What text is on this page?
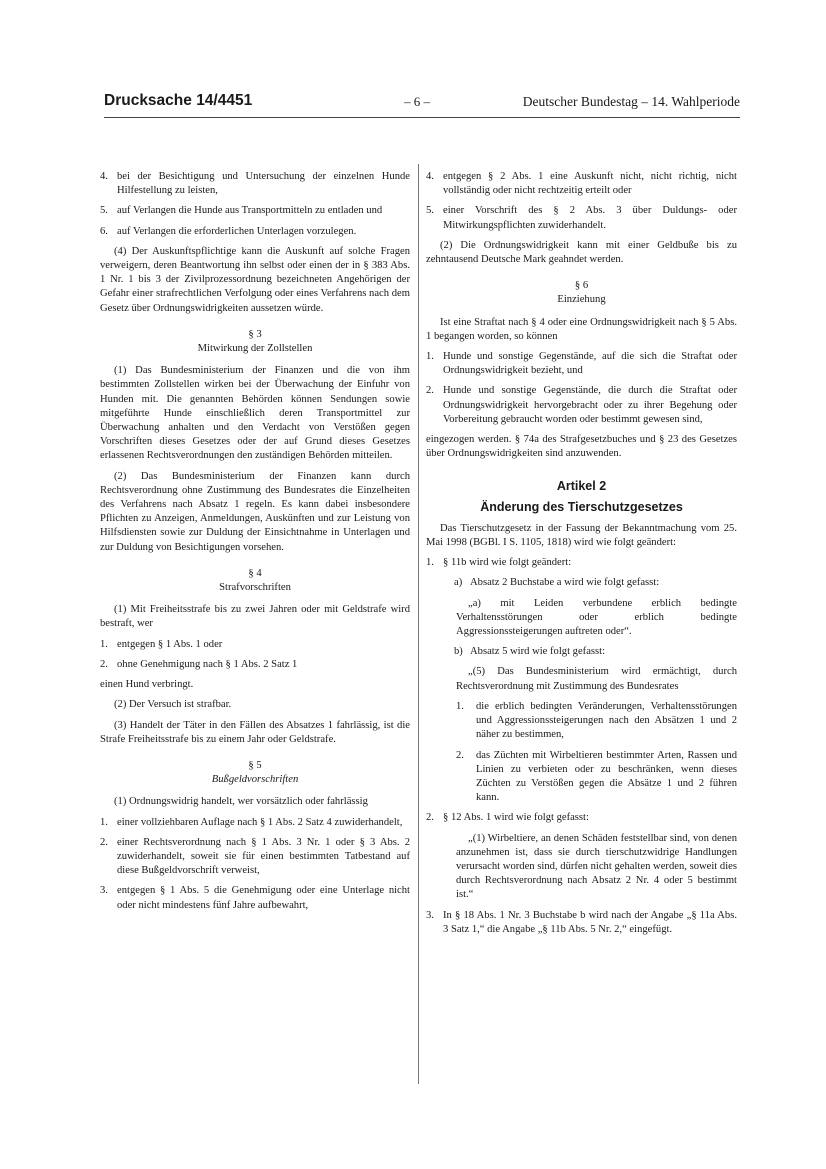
Drucksache 14/4451	– 6 –	Deutscher Bundestag – 14. Wahlperiode
4. bei der Besichtigung und Untersuchung der einzelnen Hunde Hilfestellung zu leisten,
5. auf Verlangen die Hunde aus Transportmitteln zu entladen und
6. auf Verlangen die erforderlichen Unterlagen vorzulegen.

(4) Der Auskunftspflichtige kann die Auskunft auf solche Fragen verweigern, deren Beantwortung ihn selbst oder einen der in § 383 Abs. 1 Nr. 1 bis 3 der Zivilprozessordnung bezeichneten Angehörigen der Gefahr einer strafrechtlichen Verfolgung oder eines Verfahrens nach dem Gesetz über Ordnungswidrigkeiten aussetzen würde.

§ 3
Mitwirkung der Zollstellen

(1) Das Bundesministerium der Finanzen und die von ihm bestimmten Zollstellen wirken bei der Überwachung der Einfuhr von Hunden mit. Die genannten Behörden können Sendungen sowie mitgeführte Hunde einschließlich deren Transportmittel zur Überwachung anhalten und den Verdacht von Verstößen gegen Vorschriften dieses Gesetzes oder der auf Grund dieses Gesetzes erlassenen Rechtsverordnungen den zuständigen Behörden mitteilen.

(2) Das Bundesministerium der Finanzen kann durch Rechtsverordnung ohne Zustimmung des Bundesrates die Einzelheiten des Verfahrens nach Absatz 1 regeln. Es kann dabei insbesondere Pflichten zu Anzeigen, Anmeldungen, Auskünften und zur Leistung von Hilfsdiensten sowie zur Duldung der Einsichtnahme in Unterlagen und zur Duldung von Besichtigungen vorsehen.

§ 4
Strafvorschriften

(1) Mit Freiheitsstrafe bis zu zwei Jahren oder mit Geldstrafe wird bestraft, wer

1. entgegen § 1 Abs. 1 oder
2. ohne Genehmigung nach § 1 Abs. 2 Satz 1

einen Hund verbringt.

(2) Der Versuch ist strafbar.

(3) Handelt der Täter in den Fällen des Absatzes 1 fahrlässig, ist die Strafe Freiheitsstrafe bis zu einem Jahr oder Geldstrafe.

§ 5
Bußgeldvorschriften

(1) Ordnungswidrig handelt, wer vorsätzlich oder fahrlässig

1. einer vollziehbaren Auflage nach § 1 Abs. 2 Satz 4 zuwiderhandelt,
2. einer Rechtsverordnung nach § 1 Abs. 3 Nr. 1 oder § 3 Abs. 2 zuwiderhandelt, soweit sie für einen bestimmten Tatbestand auf diese Bußgeldvorschrift verweist,
3. entgegen § 1 Abs. 5 die Genehmigung oder eine Unterlage nicht oder nicht mindestens fünf Jahre aufbewahrt,
4. entgegen § 2 Abs. 1 eine Auskunft nicht, nicht richtig, nicht vollständig oder nicht rechtzeitig erteilt oder
5. einer Vorschrift des § 2 Abs. 3 über Duldungs- oder Mitwirkungspflichten zuwiderhandelt.

(2) Die Ordnungswidrigkeit kann mit einer Geldbuße bis zu zehntausend Deutsche Mark geahndet werden.

§ 6
Einziehung

Ist eine Straftat nach § 4 oder eine Ordnungswidrigkeit nach § 5 Abs. 1 begangen worden, so können

1. Hunde und sonstige Gegenstände, auf die sich die Straftat oder Ordnungswidrigkeit bezieht, und
2. Hunde und sonstige Gegenstände, die durch die Straftat oder Ordnungswidrigkeit hervorgebracht oder zu ihrer Begehung oder Vorbereitung gebraucht worden oder bestimmt gewesen sind,

eingezogen werden. § 74a des Strafgesetzbuches und § 23 des Gesetzes über Ordnungswidrigkeiten sind anzuwenden.

Artikel 2
Änderung des Tierschutzgesetzes

Das Tierschutzgesetz in der Fassung der Bekanntmachung vom 25. Mai 1998 (BGBl. I S. 1105, 1818) wird wie folgt geändert:

1. § 11b wird wie folgt geändert:
a) Absatz 2 Buchstabe a wird wie folgt gefasst:

„a) mit Leiden verbundene erblich bedingte Verhaltensstörungen oder erblich bedingte Aggressionssteigerungen auftreten oder“.

b) Absatz 5 wird wie folgt gefasst:

„(5) Das Bundesministerium wird ermächtigt, durch Rechtsverordnung mit Zustimmung des Bundesrates

1. die erblich bedingten Veränderungen, Verhaltensstörungen und Aggressionssteigerungen nach den Absätzen 1 und 2 näher zu bestimmen,
2. das Züchten mit Wirbeltieren bestimmter Arten, Rassen und Linien zu verbieten oder zu beschränken, wenn dieses Züchten zu Verstößen gegen die Absätze 1 und 2 führen kann.
2. § 12 Abs. 1 wird wie folgt gefasst:

„(1) Wirbeltiere, an denen Schäden feststellbar sind, von denen anzunehmen ist, dass sie durch tierschutzwidrige Handlungen verursacht worden sind, dürfen nicht gehalten werden, soweit dies durch Rechtsverordnung nach Absatz 2 Nr. 4 oder 5 bestimmt ist.“

3. In § 18 Abs. 1 Nr. 3 Buchstabe b wird nach der Angabe „§ 11a Abs. 3 Satz 1,“ die Angabe „§ 11b Abs. 5 Nr. 2,“ eingefügt.
